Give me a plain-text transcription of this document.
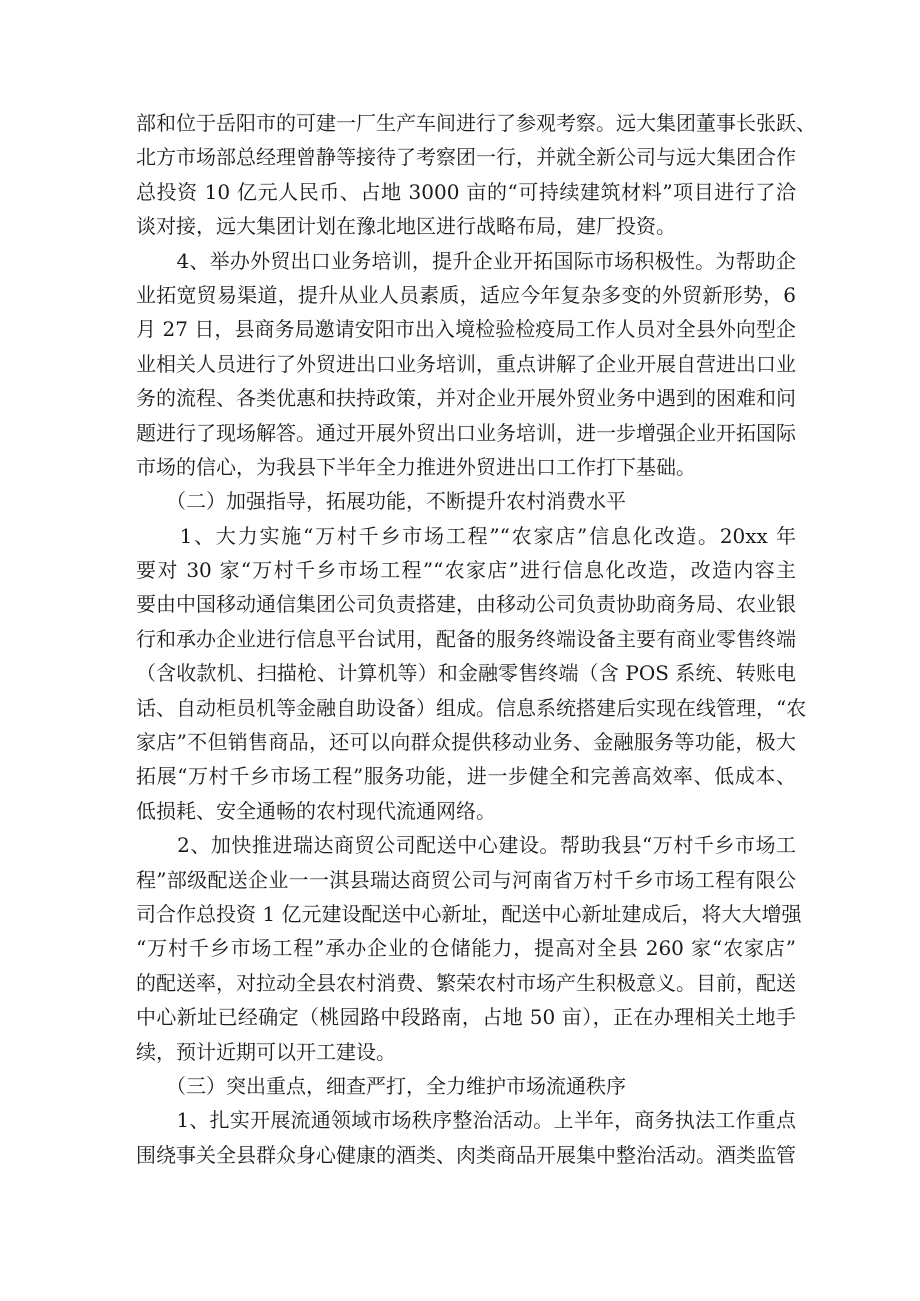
部和位于岳阳市的可建一厂生产车间进行了参观考察。远大集团董事长张跃、
北方市场部总经理曾静等接待了考察团一行，并就全新公司与远大集团合作
总投资 10 亿元人民币、占地 3000 亩的“可持续建筑材料”项目进行了洽
谈对接，远大集团计划在豫北地区进行战略布局，建厂投资。
　　4、举办外贸出口业务培训，提升企业开拓国际市场积极性。为帮助企
业拓宽贸易渠道，提升从业人员素质，适应今年复杂多变的外贸新形势，6
月 27 日，县商务局邀请安阳市出入境检验检疫局工作人员对全县外向型企
业相关人员进行了外贸进出口业务培训，重点讲解了企业开展自营进出口业
务的流程、各类优惠和扶持政策，并对企业开展外贸业务中遇到的困难和问
题进行了现场解答。通过开展外贸出口业务培训，进一步增强企业开拓国际
市场的信心，为我县下半年全力推进外贸进出口工作打下基础。
　　（二）加强指导，拓展功能，不断提升农村消费水平
　　1、大力实施“万村千乡市场工程”“农家店”信息化改造。20xx 年
要对 30 家“万村千乡市场工程”“农家店”进行信息化改造，改造内容主
要由中国移动通信集团公司负责搭建，由移动公司负责协助商务局、农业银
行和承办企业进行信息平台试用，配备的服务终端设备主要有商业零售终端
（含收款机、扫描枪、计算机等）和金融零售终端（含 POS 系统、转账电
话、自动柜员机等金融自助设备）组成。信息系统搭建后实现在线管理，“农
家店”不但销售商品，还可以向群众提供移动业务、金融服务等功能，极大
拓展“万村千乡市场工程”服务功能，进一步健全和完善高效率、低成本、
低损耗、安全通畅的农村现代流通网络。
　　2、加快推进瑞达商贸公司配送中心建设。帮助我县“万村千乡市场工
程”部级配送企业一一淇县瑞达商贸公司与河南省万村千乡市场工程有限公
司合作总投资 1 亿元建设配送中心新址，配送中心新址建成后，将大大增强
“万村千乡市场工程”承办企业的仓储能力，提高对全县 260 家“农家店”
的配送率，对拉动全县农村消费、繁荣农村市场产生积极意义。目前，配送
中心新址已经确定（桃园路中段路南，占地 50 亩），正在办理相关土地手
续，预计近期可以开工建设。
　　（三）突出重点，细查严打，全力维护市场流通秩序
　　1、扎实开展流通领域市场秩序整治活动。上半年，商务执法工作重点
围绕事关全县群众身心健康的酒类、肉类商品开展集中整治活动。酒类监管
